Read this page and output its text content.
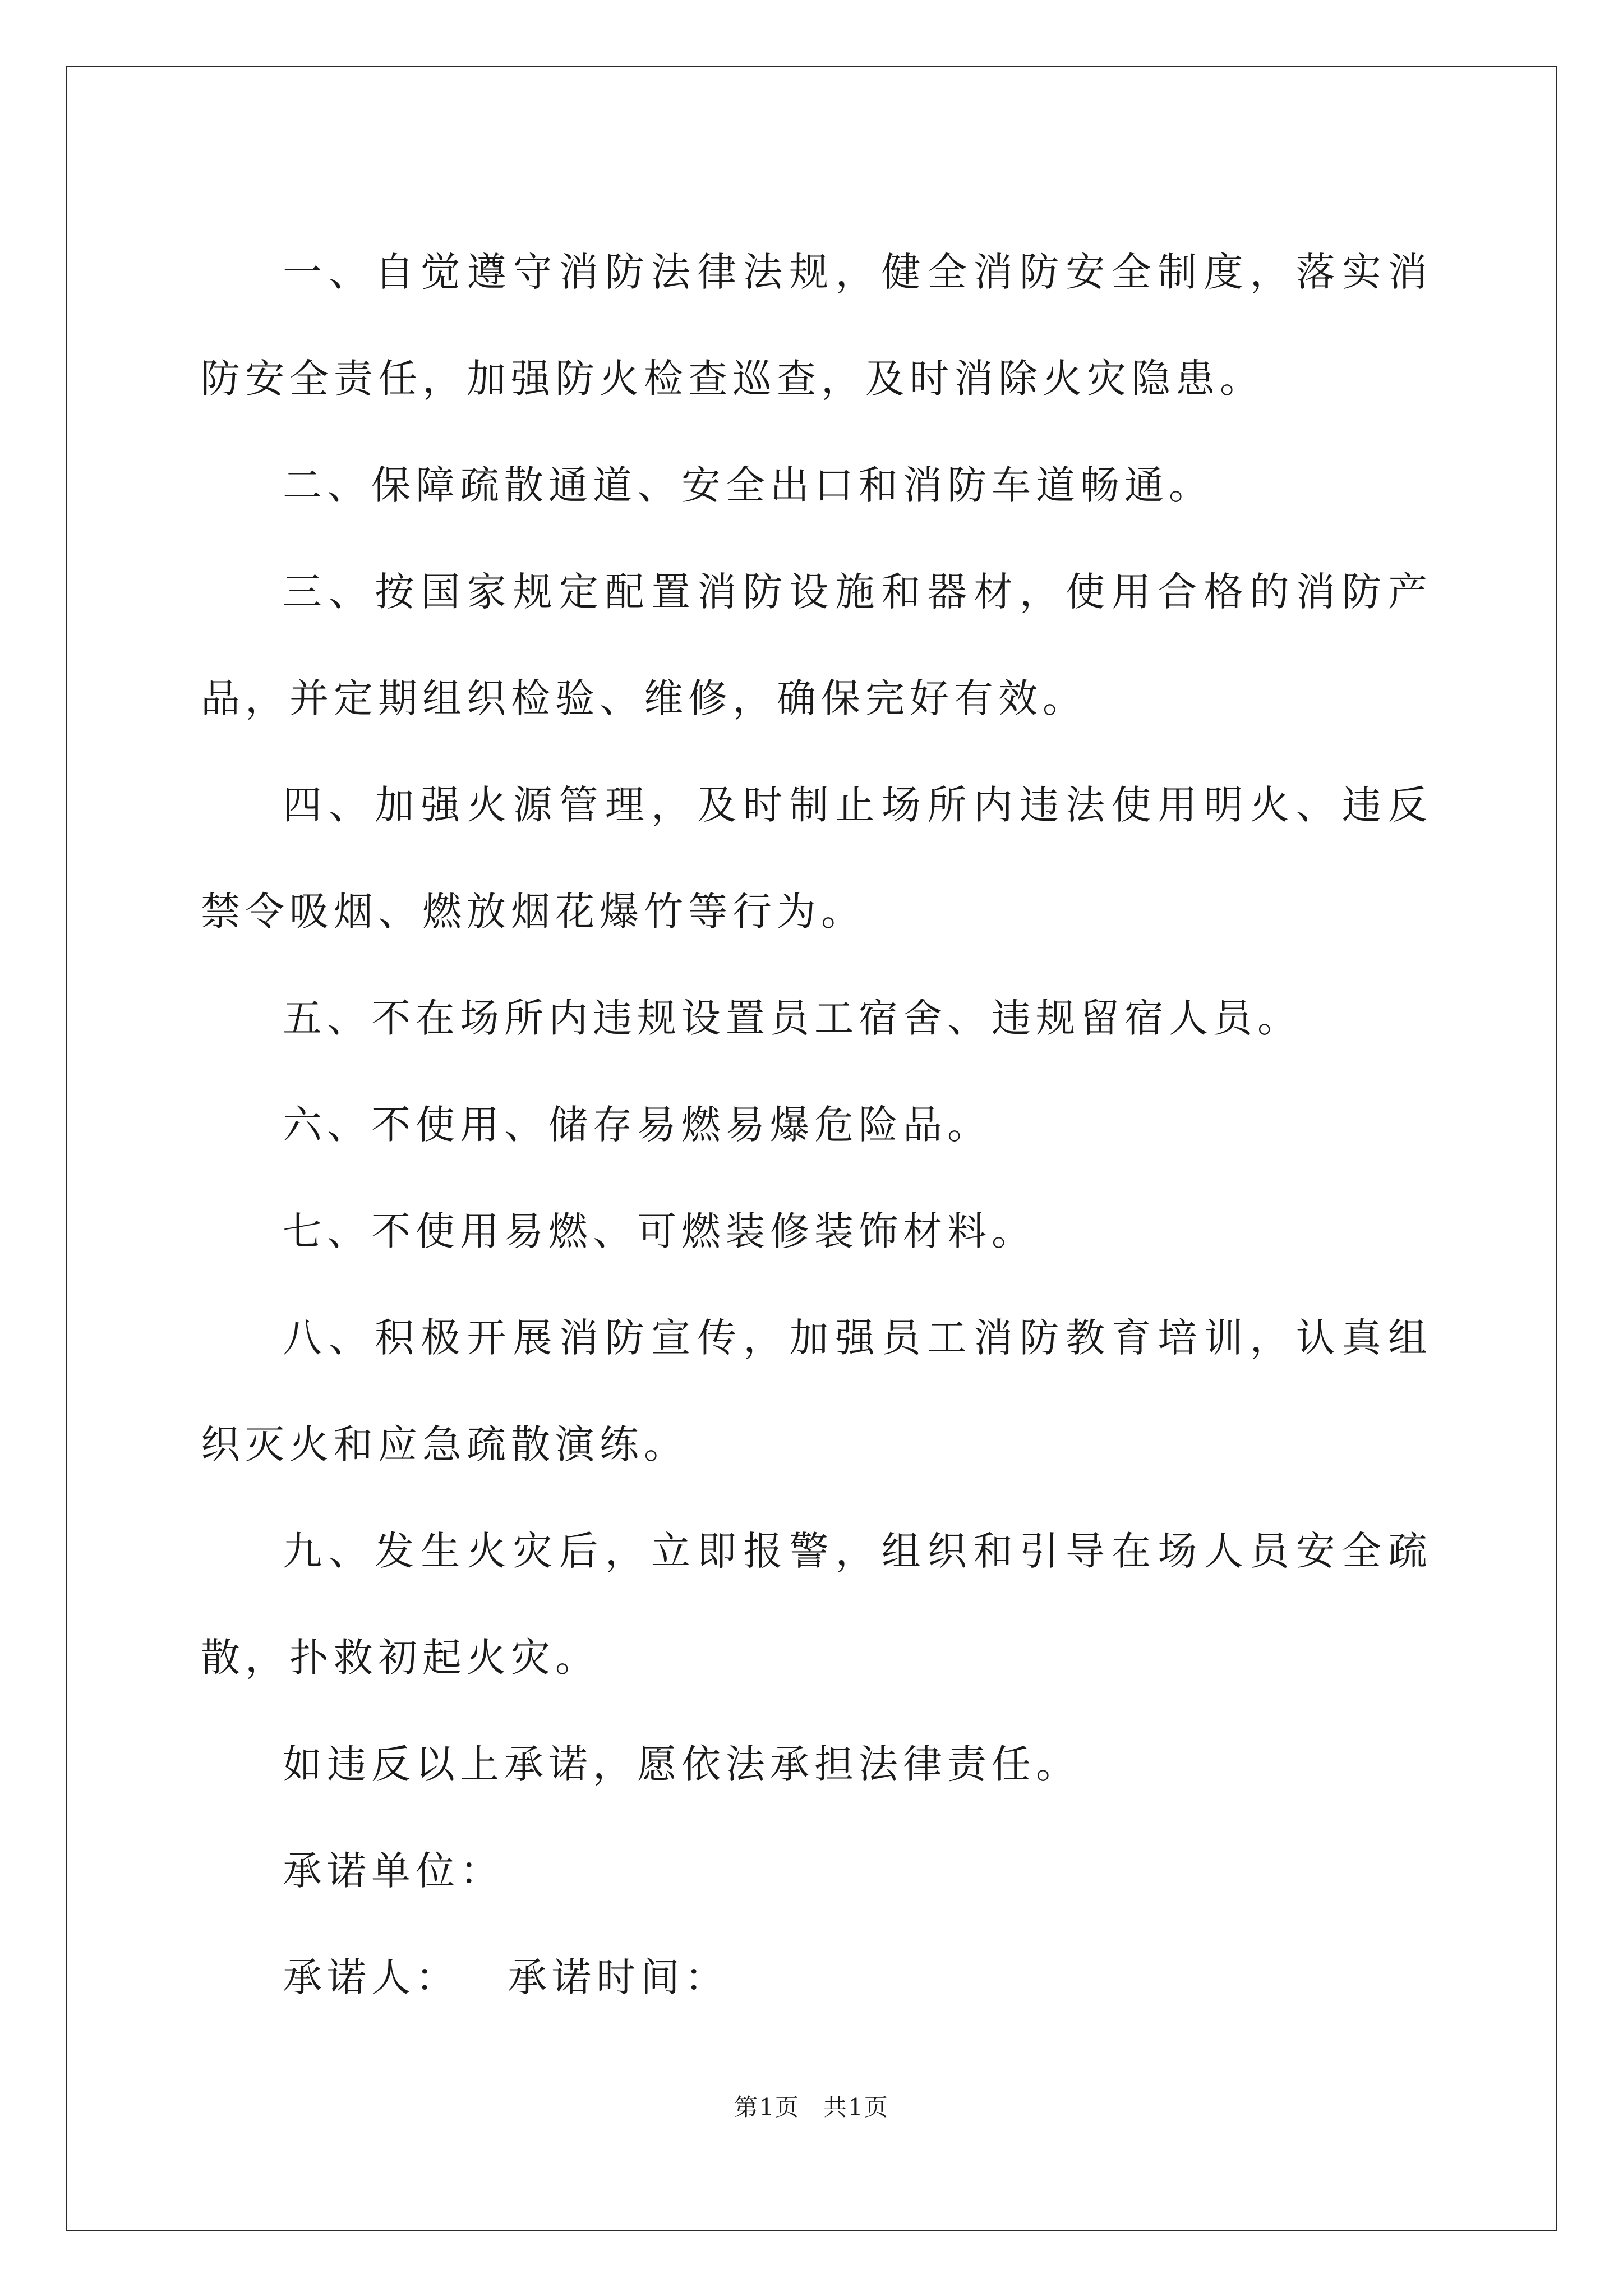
一、自觉遵守消防法律法规，健全消防安全制度，落实消防安全责任，加强防火检查巡查，及时消除火灾隐患。

二、保障疏散通道、安全出口和消防车道畅通。

三、按国家规定配置消防设施和器材，使用合格的消防产品，并定期组织检验、维修，确保完好有效。

四、加强火源管理，及时制止场所内违法使用明火、违反禁令吸烟、燃放烟花爆竹等行为。

五、不在场所内违规设置员工宿舍、违规留宿人员。

六、不使用、储存易燃易爆危险品。

七、不使用易燃、可燃装修装饰材料。

八、积极开展消防宣传，加强员工消防教育培训，认真组织灭火和应急疏散演练。

九、发生火灾后，立即报警，组织和引导在场人员安全疏散，扑救初起火灾。

如违反以上承诺，愿依法承担法律责任。

承诺单位：

承诺人： 承诺时间：

第1页 共1页
